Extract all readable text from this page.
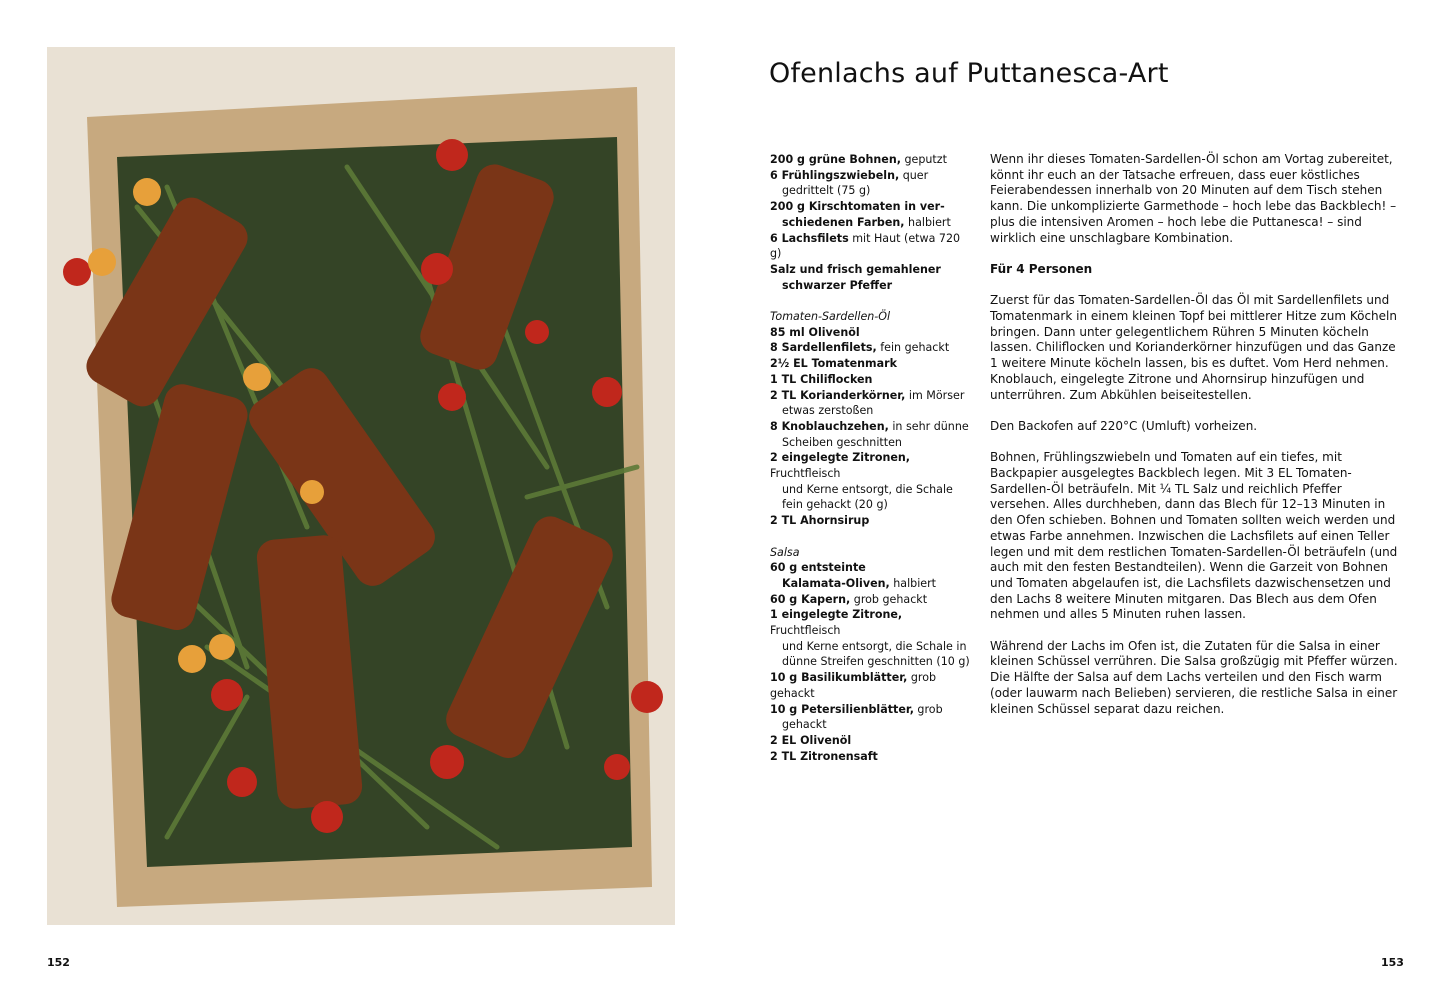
152	153
Ofenlachs auf Puttanesca-Art
200 g grüne Bohnen, geputzt
6 Frühlingszwiebeln, quer
gedrittelt (75 g)
200 g Kirschtomaten in ver-
schiedenen Farben, halbiert
6 Lachsfilets mit Haut (etwa 720 g)
Salz und frisch gemahlener
schwarzer Pfeffer
Tomaten-Sardellen-Öl
85 ml Olivenöl
8 Sardellenfilets, fein gehackt
2½ EL Tomatenmark
1 TL Chiliflocken
2 TL Korianderkörner, im Mörser
etwas zerstoßen
8 Knoblauchzehen, in sehr dünne
Scheiben geschnitten
2 eingelegte Zitronen, Fruchtfleisch
und Kerne entsorgt, die Schale
fein gehackt (20 g)
2 TL Ahornsirup
Salsa
60 g entsteinte
Kalamata-Oliven, halbiert
60 g Kapern, grob gehackt
1 eingelegte Zitrone, Fruchtfleisch
und Kerne entsorgt, die Schale in
dünne Streifen geschnitten (10 g)
10 g Basilikumblätter, grob gehackt
10 g Petersilienblätter, grob
gehackt
2 EL Olivenöl
2 TL Zitronensaft

Wenn ihr dieses Tomaten-Sardellen-Öl schon am Vortag zubereitet, könnt ihr euch an der Tatsache erfreuen, dass euer köstliches Feierabendessen innerhalb von 20 Minuten auf dem Tisch stehen kann. Die unkomplizierte Garmethode – hoch lebe das Backblech! – plus die intensiven Aromen – hoch lebe die Puttanesca! – sind wirklich eine unschlagbare Kombination.

Für 4 Personen

Zuerst für das Tomaten-Sardellen-Öl das Öl mit Sardellenfilets und Tomatenmark in einem kleinen Topf bei mittlerer Hitze zum Köcheln bringen. Dann unter gelegentlichem Rühren 5 Minuten köcheln lassen. Chiliflocken und Korianderkörner hinzufügen und das Ganze 1 weitere Minute köcheln lassen, bis es duftet. Vom Herd nehmen. Knoblauch, eingelegte Zitrone und Ahornsirup hinzufügen und unterrühren. Zum Abkühlen beiseitestellen.

Den Backofen auf 220°C (Umluft) vorheizen.

Bohnen, Frühlingszwiebeln und Tomaten auf ein tiefes, mit Backpapier ausgelegtes Backblech legen. Mit 3 EL Tomaten-Sardellen-Öl beträufeln. Mit ¼ TL Salz und reichlich Pfeffer versehen. Alles durchheben, dann das Blech für 12–13 Minuten in den Ofen schieben. Bohnen und Tomaten sollten weich werden und etwas Farbe annehmen. Inzwischen die Lachsfilets auf einen Teller legen und mit dem restlichen Tomaten-Sardellen-Öl beträufeln (und auch mit den festen Bestandteilen). Wenn die Garzeit von Bohnen und Tomaten abgelaufen ist, die Lachsfilets dazwischensetzen und den Lachs 8 weitere Minuten mitgaren. Das Blech aus dem Ofen nehmen und alles 5 Minuten ruhen lassen.

Während der Lachs im Ofen ist, die Zutaten für die Salsa in einer kleinen Schüssel verrühren. Die Salsa großzügig mit Pfeffer würzen. Die Hälfte der Salsa auf dem Lachs verteilen und den Fisch warm (oder lauwarm nach Belieben) servieren, die restliche Salsa in einer kleinen Schüssel separat dazu reichen.
